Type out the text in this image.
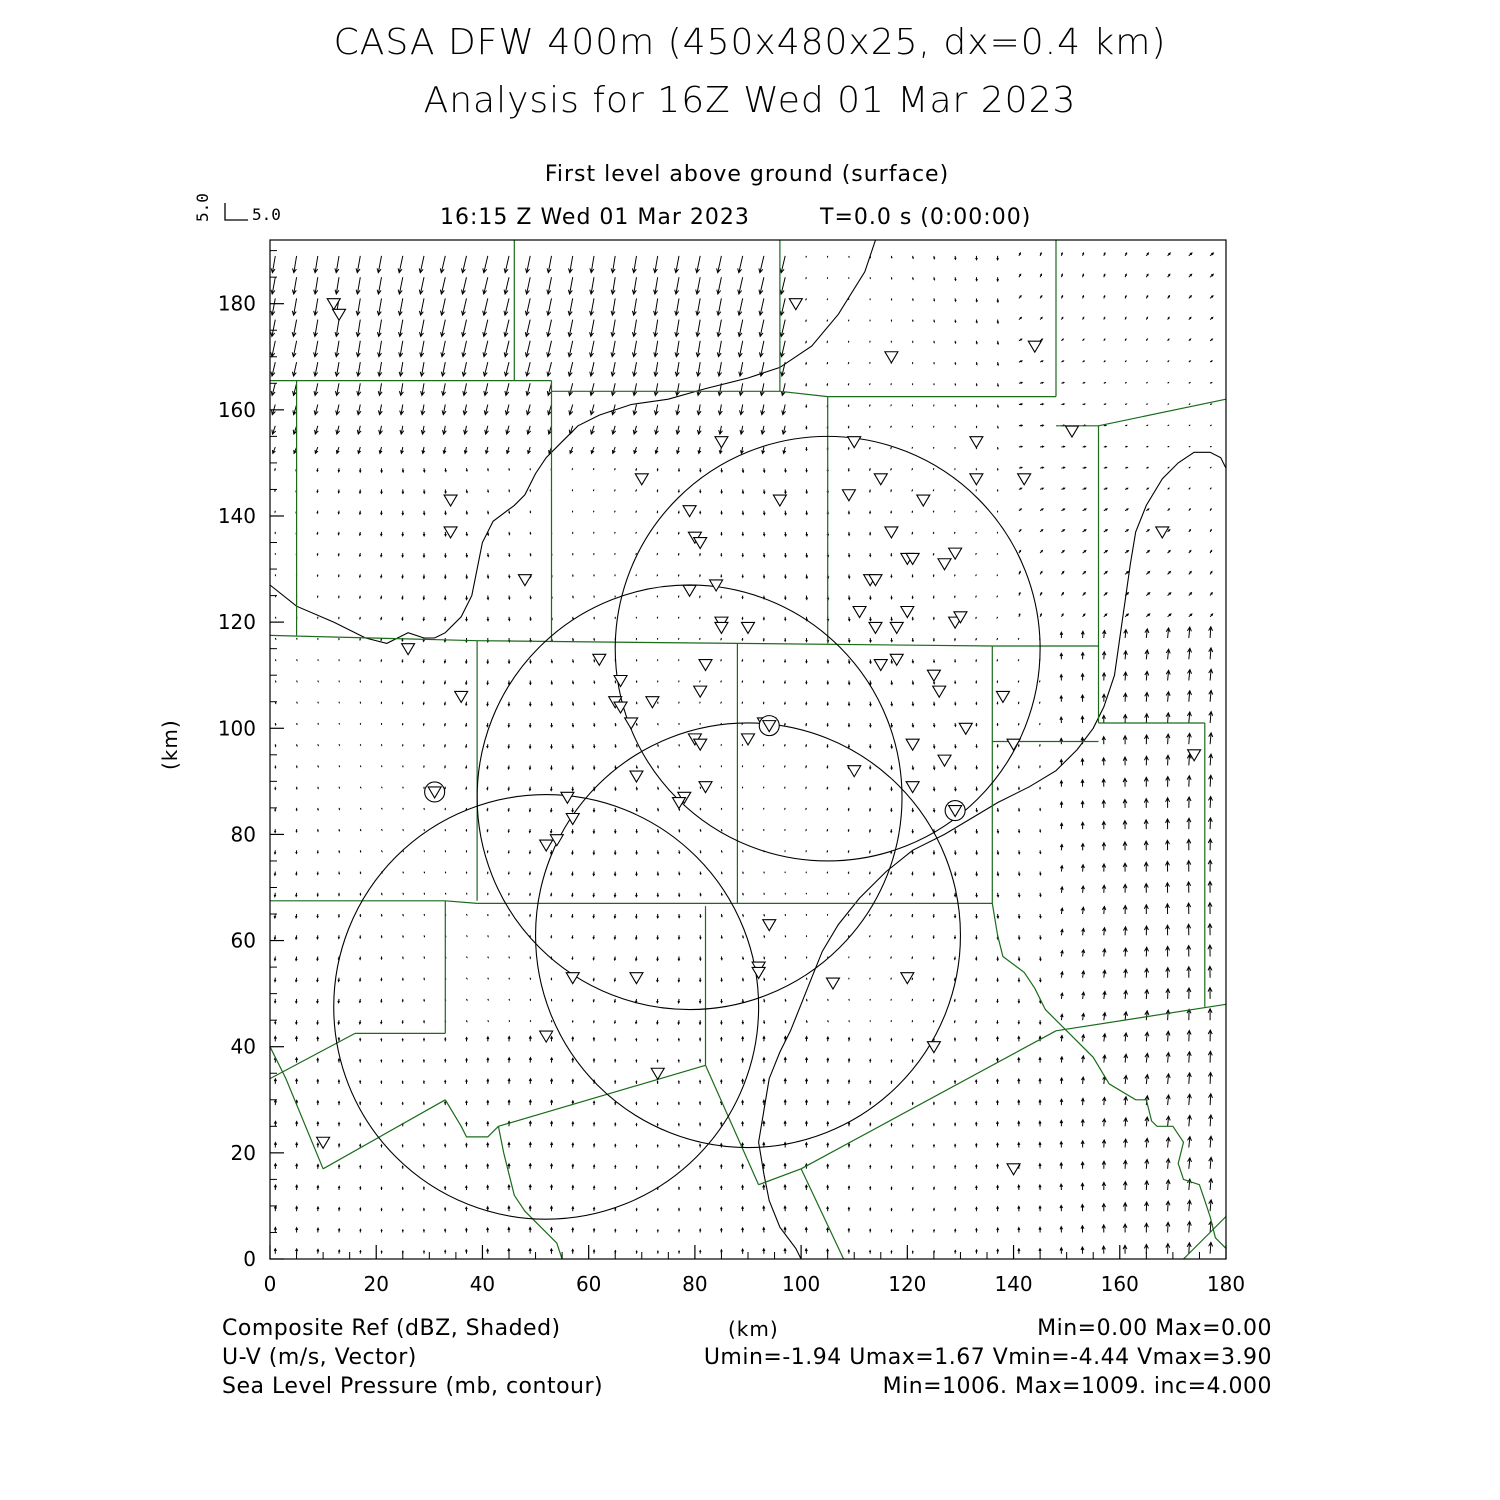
CASA DFW 400m (450x480x25, dx=0.4 km)
Analysis for 16Z Wed 01 Mar 2023
First level above ground (surface)
16:15 Z Wed 01 Mar 2023	T=0.0 s (0:00:00)
5.0	5.0
0	20	40	60	80	100	120	140	160	180
0
20
40
60
80
100
120
140
160
180
(km)
(km)
Composite Ref (dBZ, Shaded)	Min=0.00 Max=0.00
U-V (m/s, Vector)	Umin=-1.94 Umax=1.67 Vmin=-4.44 Vmax=3.90
Sea Level Pressure (mb, contour)	Min=1006. Max=1009. inc=4.000
